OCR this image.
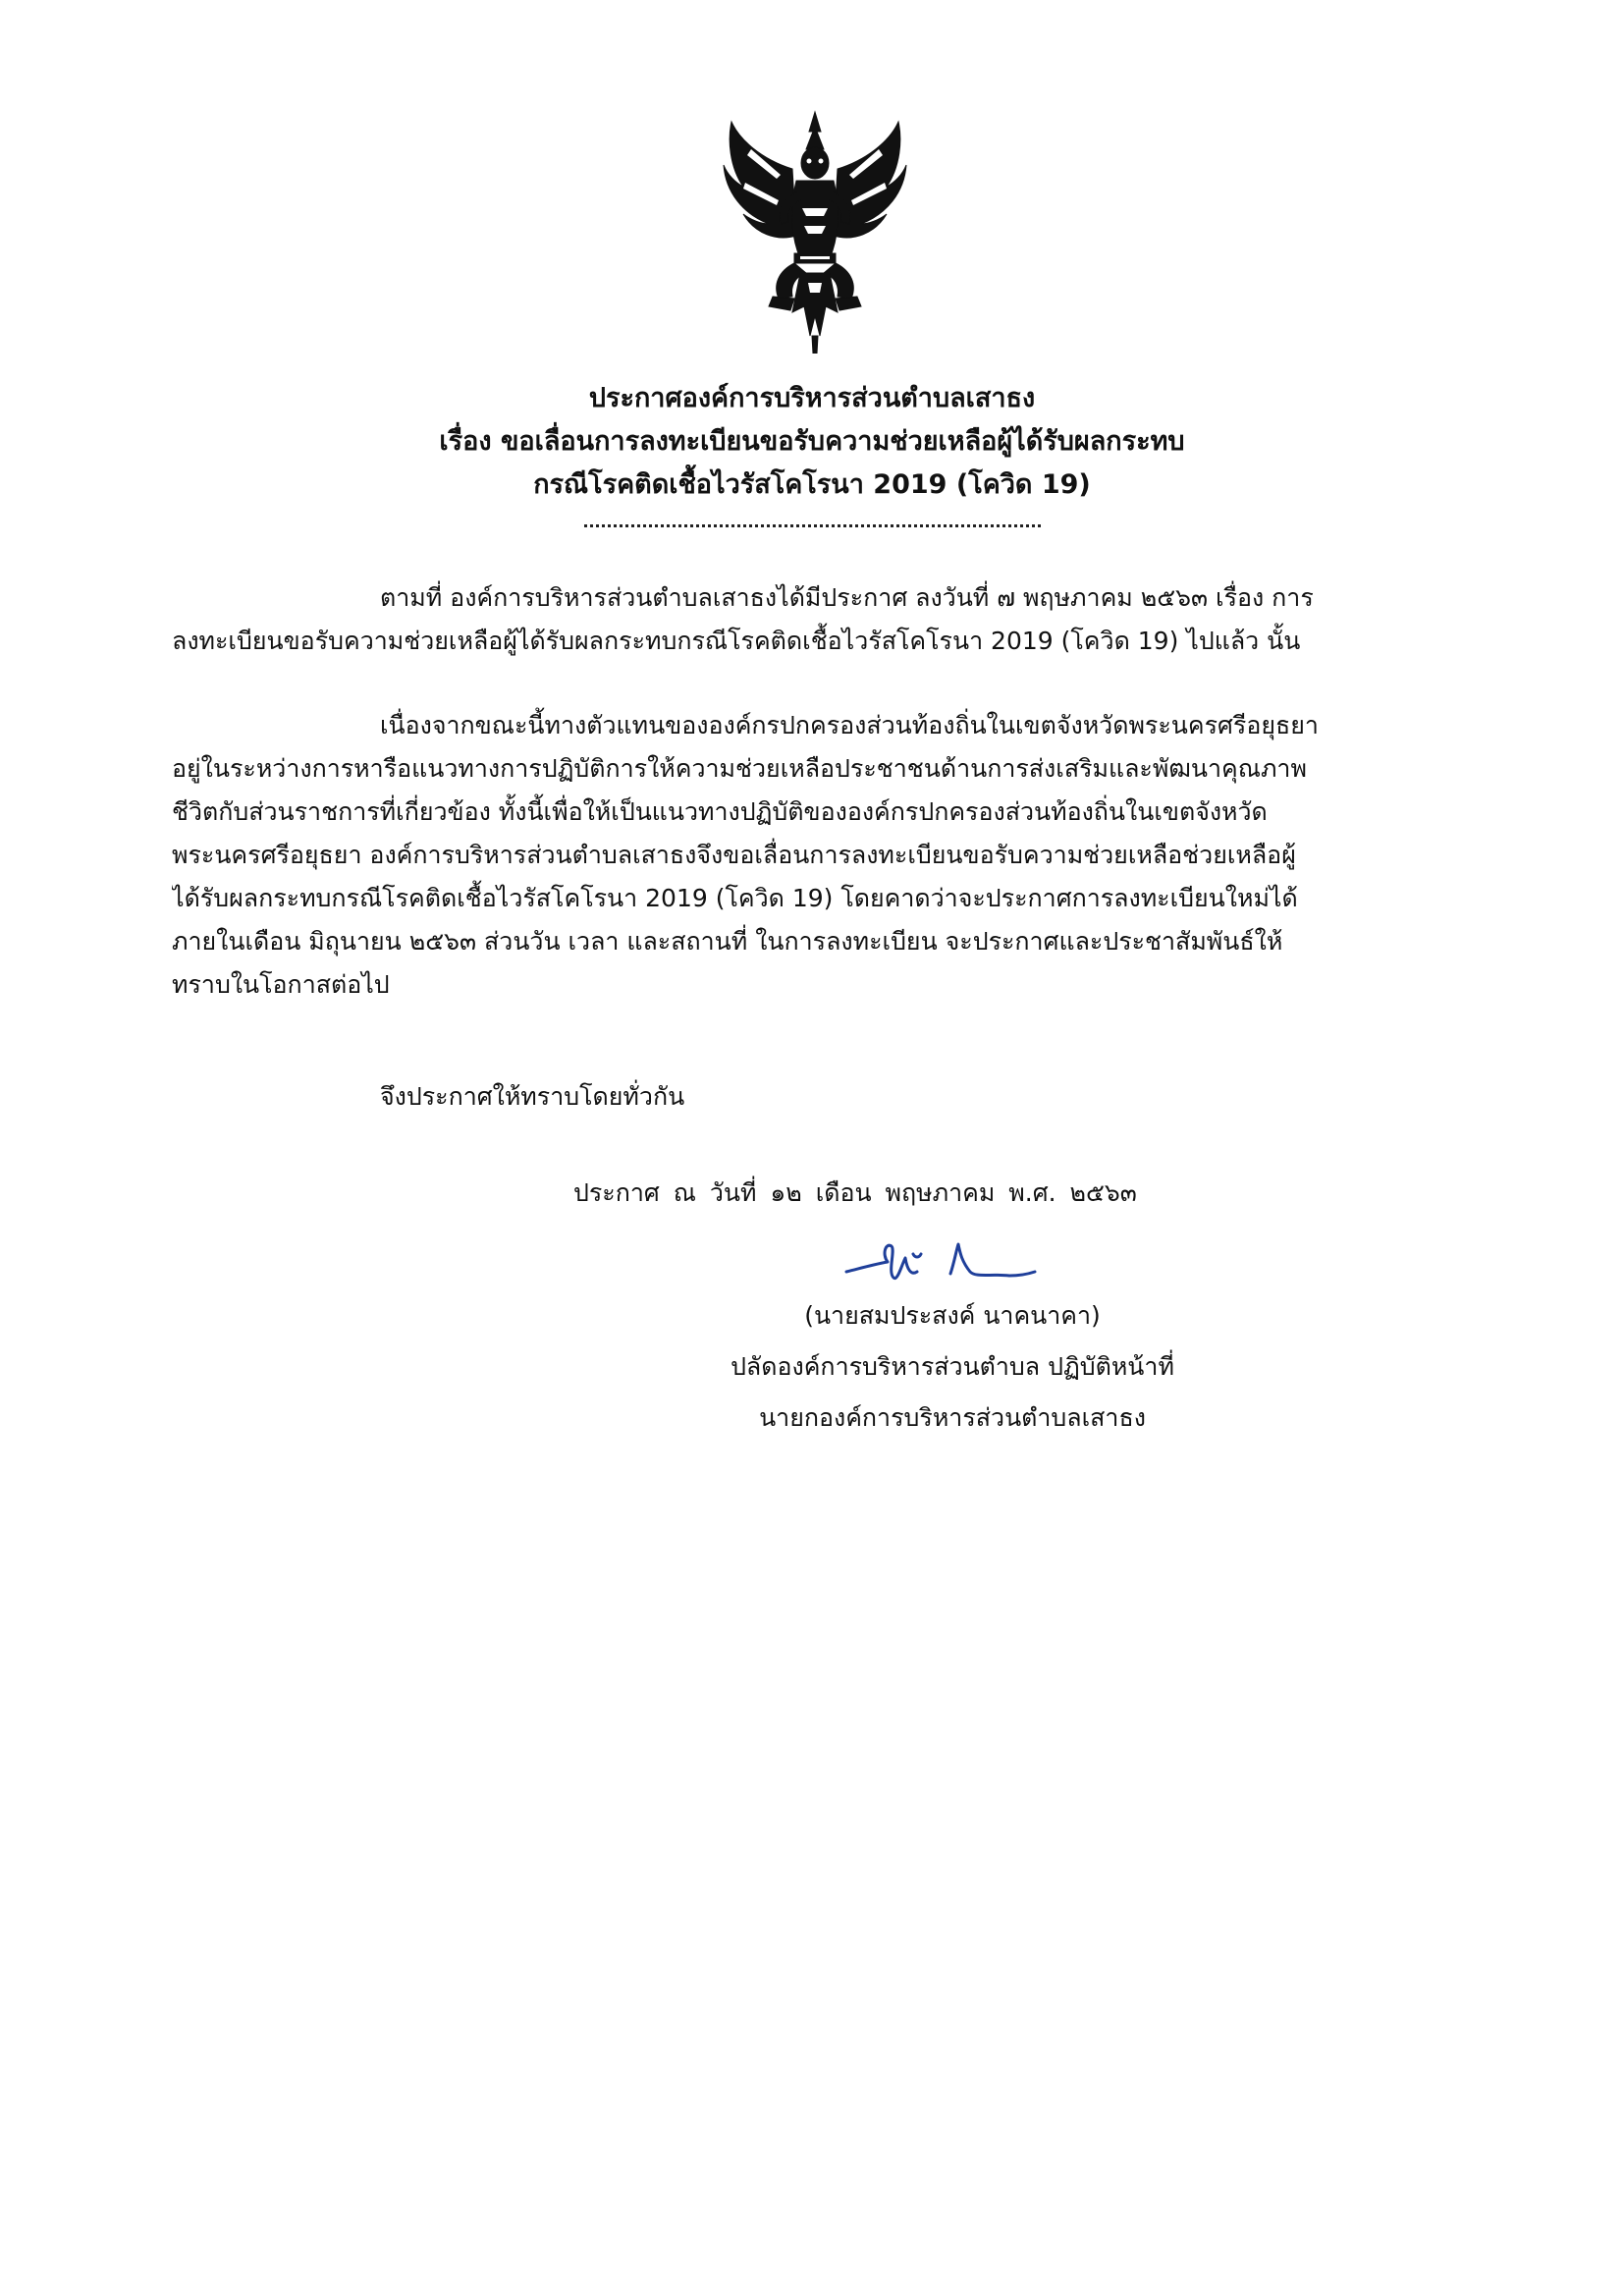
ประกาศองค์การบริหารส่วนตำบลเสาธง
เรื่อง ขอเลื่อนการลงทะเบียนขอรับความช่วยเหลือผู้ได้รับผลกระทบ
กรณีโรคติดเชื้อไวรัสโคโรนา 2019 (โควิด 19)

ตามที่ องค์การบริหารส่วนตำบลเสาธงได้มีประกาศ ลงวันที่ ๗ พฤษภาคม ๒๕๖๓ เรื่อง การ
ลงทะเบียนขอรับความช่วยเหลือผู้ได้รับผลกระทบกรณีโรคติดเชื้อไวรัสโคโรนา 2019 (โควิด 19) ไปแล้ว นั้น

เนื่องจากขณะนี้ทางตัวแทนขององค์กรปกครองส่วนท้องถิ่นในเขตจังหวัดพระนครศรีอยุธยา
อยู่ในระหว่างการหารือแนวทางการปฏิบัติการให้ความช่วยเหลือประชาชนด้านการส่งเสริมและพัฒนาคุณภาพ
ชีวิตกับส่วนราชการที่เกี่ยวข้อง ทั้งนี้เพื่อให้เป็นแนวทางปฏิบัติขององค์กรปกครองส่วนท้องถิ่นในเขตจังหวัด
พระนครศรีอยุธยา องค์การบริหารส่วนตำบลเสาธงจึงขอเลื่อนการลงทะเบียนขอรับความช่วยเหลือช่วยเหลือผู้
ได้รับผลกระทบกรณีโรคติดเชื้อไวรัสโคโรนา 2019 (โควิด 19) โดยคาดว่าจะประกาศการลงทะเบียนใหม่ได้
ภายในเดือน มิถุนายน ๒๕๖๓ ส่วนวัน เวลา และสถานที่ ในการลงทะเบียน จะประกาศและประชาสัมพันธ์ให้
ทราบในโอกาสต่อไป

จึงประกาศให้ทราบโดยทั่วกัน
ประกาศ ณ วันที่ ๑๒ เดือน พฤษภาคม พ.ศ. ๒๕๖๓
(นายสมประสงค์ นาคนาคา)
ปลัดองค์การบริหารส่วนตำบล ปฏิบัติหน้าที่
นายกองค์การบริหารส่วนตำบลเสาธง
